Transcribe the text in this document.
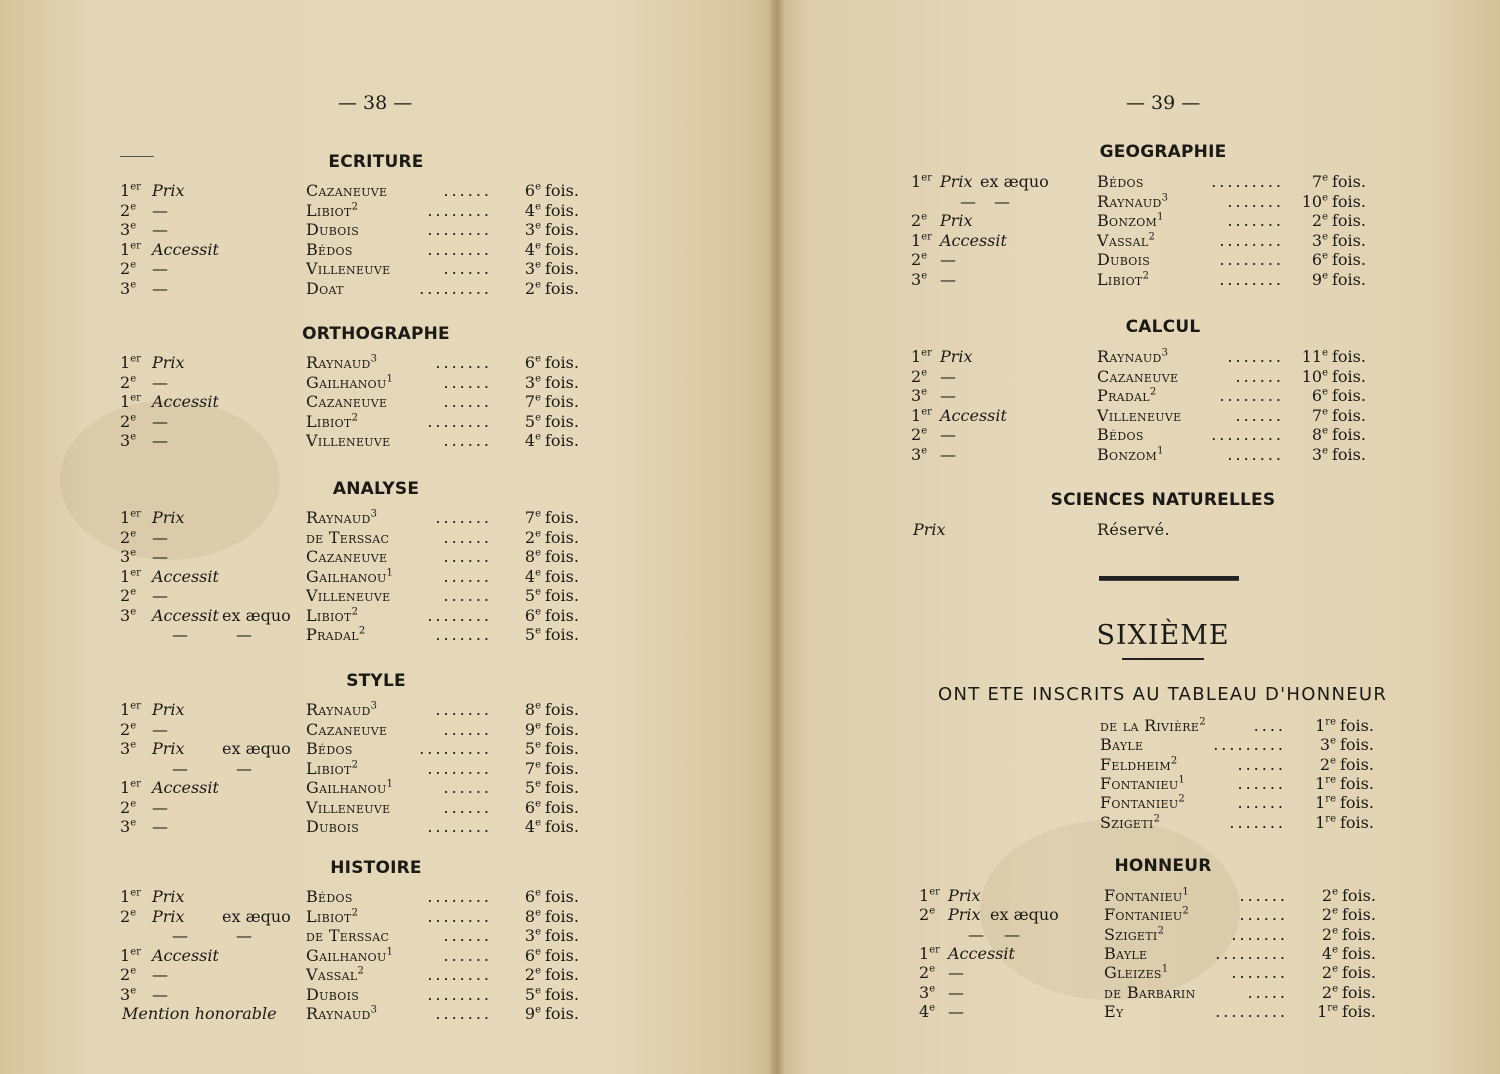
— 38 —
ECRITURE
1er Prix	Cazaneuve	...... 6e fois.
2e —	Libiot$^2$	........ 4e fois.
3e —	Dubois	........ 3e fois.
1er Accessit	Bédos	........ 4e fois.
2e —	Villeneuve	...... 3e fois.
3e —	Doat	......... 2e fois.
ORTHOGRAPHE
1er Prix	Raynaud$^3$	....... 6e fois.
2e —	Gailhanou$^1$	...... 3e fois.
1er Accessit	Cazaneuve	...... 7e fois.
2e —	Libiot$^2$	........ 5e fois.
3e —	Villeneuve	...... 4e fois.
ANALYSE
1er Prix	Raynaud$^3$	....... 7e fois.
2e —	de Terssac	...... 2e fois.
3e —	Cazaneuve	...... 8e fois.
1er Accessit	Gailhanou$^1$	...... 4e fois.
2e —	Villeneuve	...... 5e fois.
3e Accessit ex æquo Libiot$^2$	........ 6e fois.
—	—	Pradal$^2$	....... 5e fois.
STYLE
1er Prix	Raynaud$^3$	....... 8e fois.
2e —	Cazaneuve	...... 9e fois.
3e Prix ex æquo Bédos	......... 5e fois.
—	—	Libiot$^2$	........ 7e fois.
1er Accessit	Gailhanou$^1$	...... 5e fois.
2e —	Villeneuve	...... 6e fois.
3e —	Dubois	........ 4e fois.
HISTOIRE
1er Prix	Bédos	........ 6e fois.
2e Prix ex æquo Libiot$^2$	........ 8e fois.
—	—	de Terssac	...... 3e fois.
1er Accessit	Gailhanou$^1$	...... 6e fois.
2e —	Vassal$^2$	........ 2e fois.
3e —	Dubois	........ 5e fois.
Mention honorable Raynaud$^3$	....... 9e fois.
— 39 —
GEOGRAPHIE
1er Prix ex æquo	Bédos	......... 7e fois.
— —	Raynaud$^3$	....... 10e fois.
2e Prix	Bonzom$^1$	....... 2e fois.
1er Accessit	Vassal$^2$	........ 3e fois.
2e —	Dubois	........ 6e fois.
3e —	Libiot$^2$	........ 9e fois.
CALCUL
1er Prix	Raynaud$^3$	....... 11e fois.
2e —	Cazaneuve	...... 10e fois.
3e —	Pradal$^2$	........ 6e fois.
1er Accessit	Villeneuve	...... 7e fois.
2e —	Bédos	......... 8e fois.
3e —	Bonzom$^1$	....... 3e fois.
SCIENCES NATURELLES
Prix	Réservé.
SIXIÈME
ONT ETE INSCRITS AU TABLEAU D'HONNEUR
de la Rivière$^2$	.... 1re fois.
Bayle	......... 3e fois.
Feldheim$^2$	...... 2e fois.
Fontanieu$^1$	...... 1re fois.
Fontanieu$^2$	...... 1re fois.
Szigeti$^2$	....... 1re fois.
HONNEUR
1er Prix	Fontanieu$^1$	...... 2e fois.
2e Prix ex æquo	Fontanieu$^2$	...... 2e fois.
— —	Szigeti$^2$	....... 2e fois.
1er Accessit	Bayle	......... 4e fois.
2e —	Gleizes$^1$	....... 2e fois.
3e —	de Barbarin	..... 2e fois.
4e —	Ey	......... 1re fois.
